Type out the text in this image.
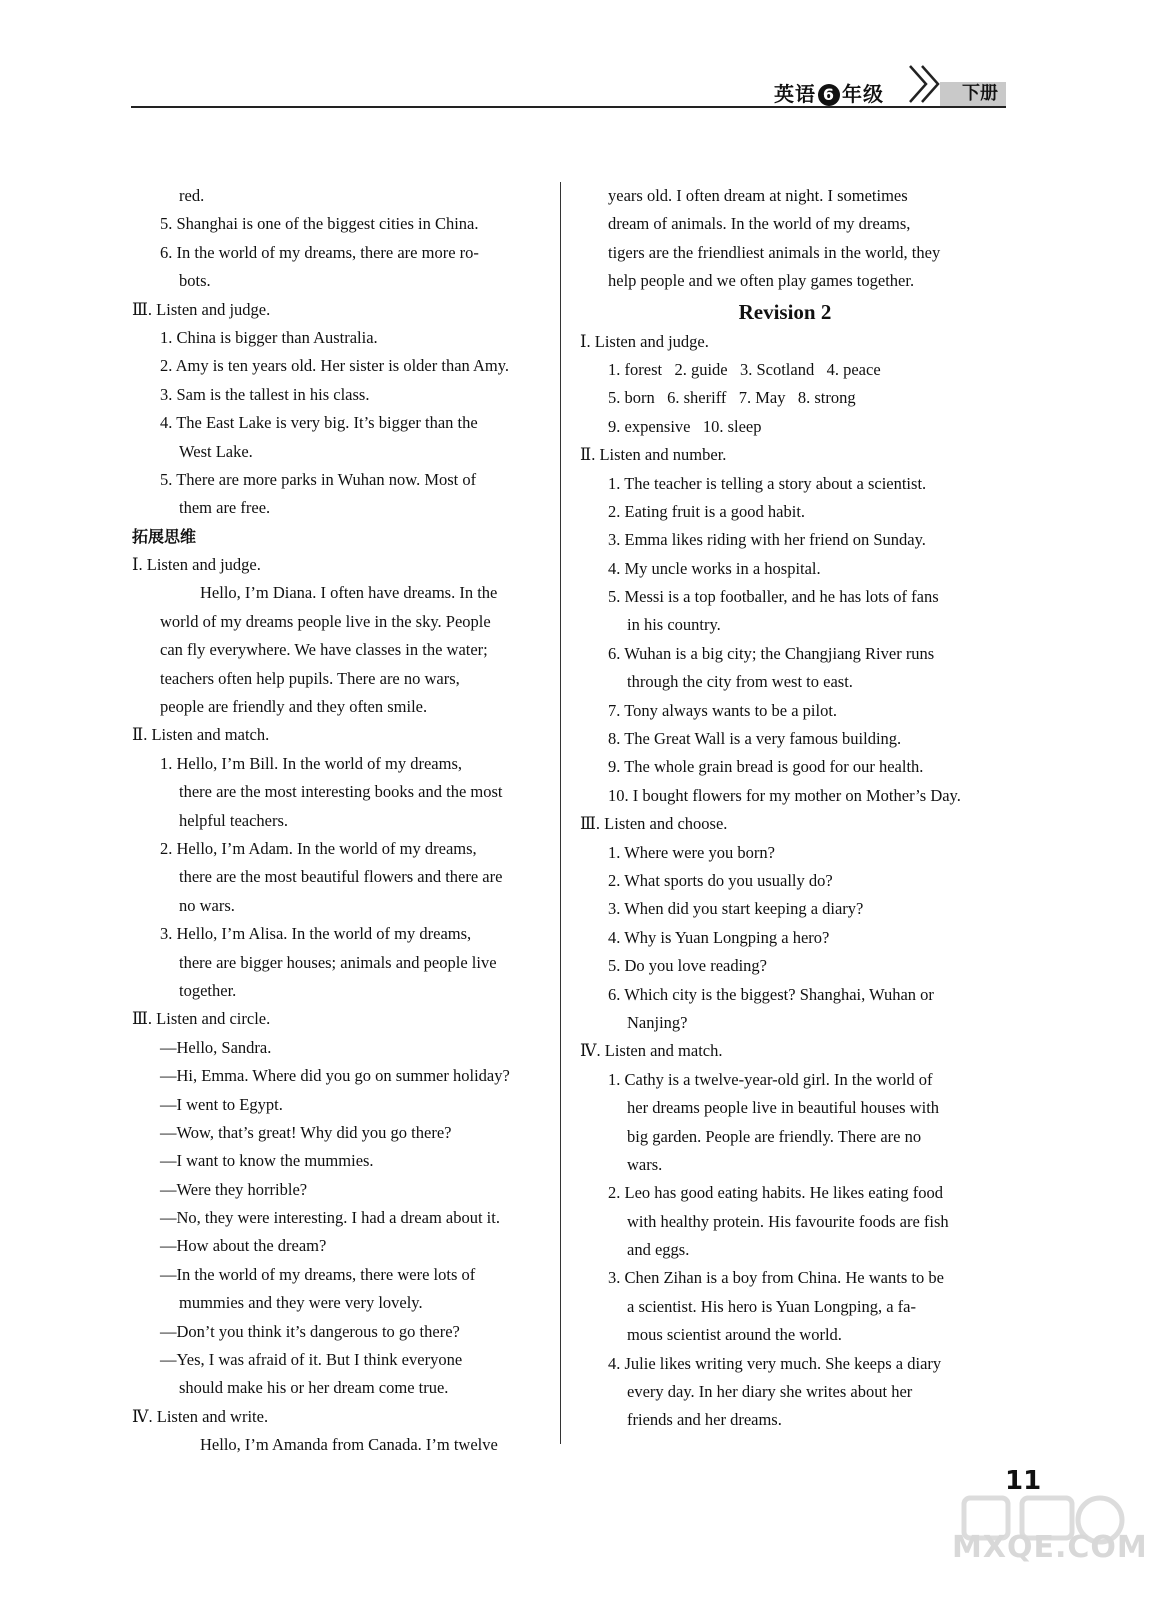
英语 6 年级	下册
red.
5. Shanghai is one of the biggest cities in China.
6. In the world of my dreams, there are more ro-
bots.
Ⅲ. Listen and judge.
1. China is bigger than Australia.
2. Amy is ten years old. Her sister is older than Amy.
3. Sam is the tallest in his class.
4. The East Lake is very big. It’s bigger than the
West Lake.
5. There are more parks in Wuhan now. Most of
them are free.
拓展思维
Ⅰ. Listen and judge.
Hello, I’m Diana. I often have dreams. In the
world of my dreams people live in the sky. People
can fly everywhere. We have classes in the water;
teachers often help pupils. There are no wars,
people are friendly and they often smile.
Ⅱ. Listen and match.
1. Hello, I’m Bill. In the world of my dreams,
there are the most interesting books and the most
helpful teachers.
2. Hello, I’m Adam. In the world of my dreams,
there are the most beautiful flowers and there are
no wars.
3. Hello, I’m Alisa. In the world of my dreams,
there are bigger houses; animals and people live
together.
Ⅲ. Listen and circle.
—Hello, Sandra.
—Hi, Emma. Where did you go on summer holiday?
—I went to Egypt.
—Wow, that’s great! Why did you go there?
—I want to know the mummies.
—Were they horrible?
—No, they were interesting. I had a dream about it.
—How about the dream?
—In the world of my dreams, there were lots of
mummies and they were very lovely.
—Don’t you think it’s dangerous to go there?
—Yes, I was afraid of it. But I think everyone
should make his or her dream come true.
Ⅳ. Listen and write.
Hello, I’m Amanda from Canada. I’m twelve
years old. I often dream at night. I sometimes
dream of animals. In the world of my dreams,
tigers are the friendliest animals in the world, they
help people and we often play games together.
Revision 2
Ⅰ. Listen and judge.
1. forest   2. guide   3. Scotland   4. peace
5. born   6. sheriff   7. May   8. strong
9. expensive   10. sleep
Ⅱ. Listen and number.
1. The teacher is telling a story about a scientist.
2. Eating fruit is a good habit.
3. Emma likes riding with her friend on Sunday.
4. My uncle works in a hospital.
5. Messi is a top footballer, and he has lots of fans
in his country.
6. Wuhan is a big city; the Changjiang River runs
through the city from west to east.
7. Tony always wants to be a pilot.
8. The Great Wall is a very famous building.
9. The whole grain bread is good for our health.
10. I bought flowers for my mother on Mother’s Day.
Ⅲ. Listen and choose.
1. Where were you born?
2. What sports do you usually do?
3. When did you start keeping a diary?
4. Why is Yuan Longping a hero?
5. Do you love reading?
6. Which city is the biggest? Shanghai, Wuhan or
Nanjing?
Ⅳ. Listen and match.
1. Cathy is a twelve-year-old girl. In the world of
her dreams people live in beautiful houses with
big garden. People are friendly. There are no
wars.
2. Leo has good eating habits. He likes eating food
with healthy protein. His favourite foods are fish
and eggs.
3. Chen Zihan is a boy from China. He wants to be
a scientist. His hero is Yuan Longping, a fa-
mous scientist around the world.
4. Julie likes writing very much. She keeps a diary
every day. In her diary she writes about her
friends and her dreams.
11
MXQE.COM
